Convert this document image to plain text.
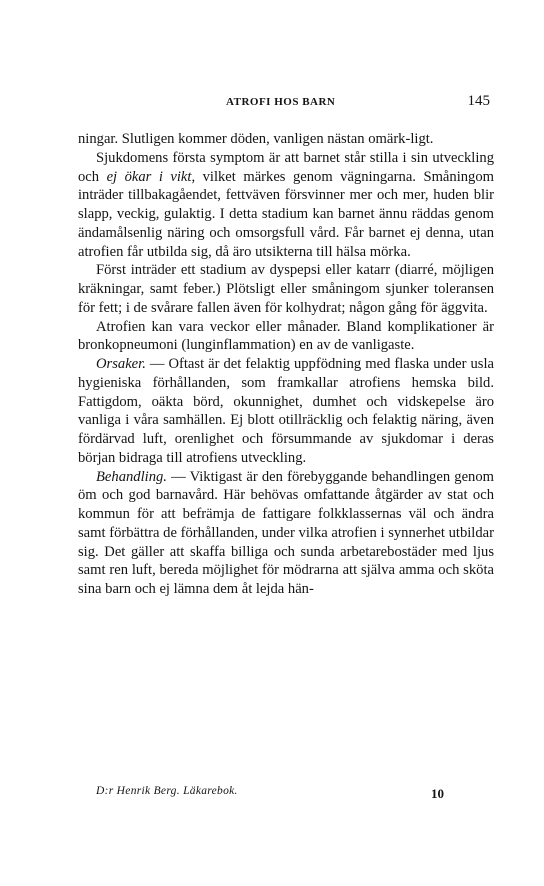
ATROFI HOS BARN	145

ningar. Slutligen kommer döden, vanligen nästan omärk-ligt.

Sjukdomens första symptom är att barnet står stilla i sin utveckling och ej ökar i vikt, vilket märkes genom vägningarna. Småningom inträder tillbakagåendet, fettväven försvinner mer och mer, huden blir slapp, veckig, gulaktig. I detta stadium kan barnet ännu räddas genom ändamålsenlig näring och omsorgsfull vård. Får barnet ej denna, utan atrofien får utbilda sig, då äro utsikterna till hälsa mörka.

Först inträder ett stadium av dyspepsi eller katarr (diarré, möjligen kräkningar, samt feber.) Plötsligt eller småningom sjunker toleransen för fett; i de svårare fallen även för kolhydrat; någon gång för äggvita.

Atrofien kan vara veckor eller månader. Bland komplikationer är bronkopneumoni (lunginflammation) en av de vanligaste.

Orsaker. — Oftast är det felaktig uppfödning med flaska under usla hygieniska förhållanden, som framkallar atrofiens hemska bild. Fattigdom, oäkta börd, okunnighet, dumhet och vidskepelse äro vanliga i våra samhällen. Ej blott otillräcklig och felaktig näring, även fördärvad luft, orenlighet och försummande av sjukdomar i deras början bidraga till atrofiens utveckling.

Behandling. — Viktigast är den förebyggande behandlingen genom öm och god barnavård. Här behövas omfattande åtgärder av stat och kommun för att befrämja de fattigare folkklassernas väl och ändra samt förbättra de förhållanden, under vilka atrofien i synnerhet utbildar sig. Det gäller att skaffa billiga och sunda arbetarebostäder med ljus samt ren luft, bereda möjlighet för mödrarna att själva amma och sköta sina barn och ej lämna dem åt lejda hän-

D:r Henrik Berg. Läkarebok.	10
